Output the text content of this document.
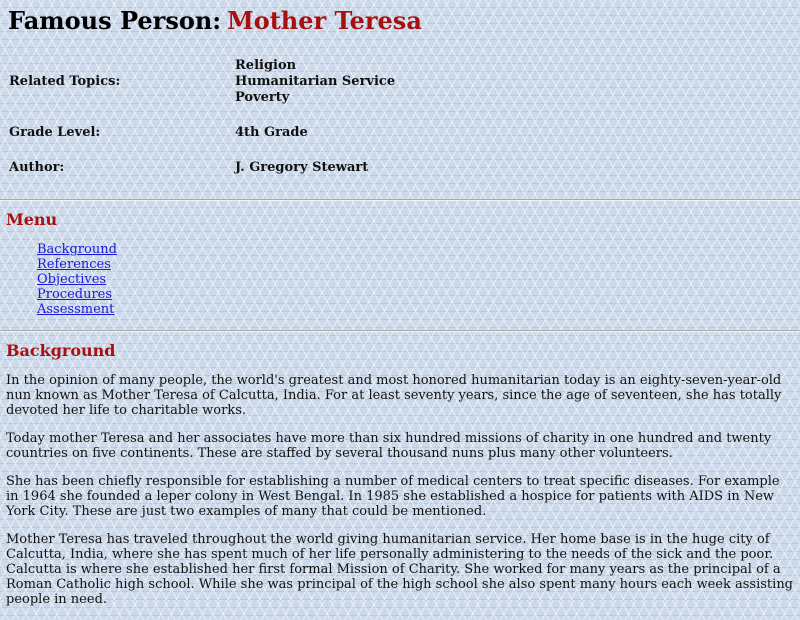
Famous Person: Mother Teresa
Related Topics:	Religion
Humanitarian Service
Poverty

Grade Level:	4th Grade

Author:	J. Gregory Stewart
Menu
Background
References
Objectives
Procedures
Assessment
Background

In the opinion of many people, the world's greatest and most honored humanitarian today is an eighty-seven-year-old nun known as Mother Teresa of Calcutta, India. For at least seventy years, since the age of seventeen, she has totally devoted her life to charitable works.

Today mother Teresa and her associates have more than six hundred missions of charity in one hundred and twenty countries on five continents. These are staffed by several thousand nuns plus many other volunteers.

She has been chiefly responsible for establishing a number of medical centers to treat specific diseases. For example in 1964 she founded a leper colony in West Bengal. In 1985 she established a hospice for patients with AIDS in New York City. These are just two examples of many that could be mentioned.

Mother Teresa has traveled throughout the world giving humanitarian service. Her home base is in the huge city of Calcutta, India, where she has spent much of her life personally administering to the needs of the sick and the poor. Calcutta is where she established her first formal Mission of Charity. She worked for many years as the principal of a Roman Catholic high school. While she was principal of the high school she also spent many hours each week assisting people in need.
